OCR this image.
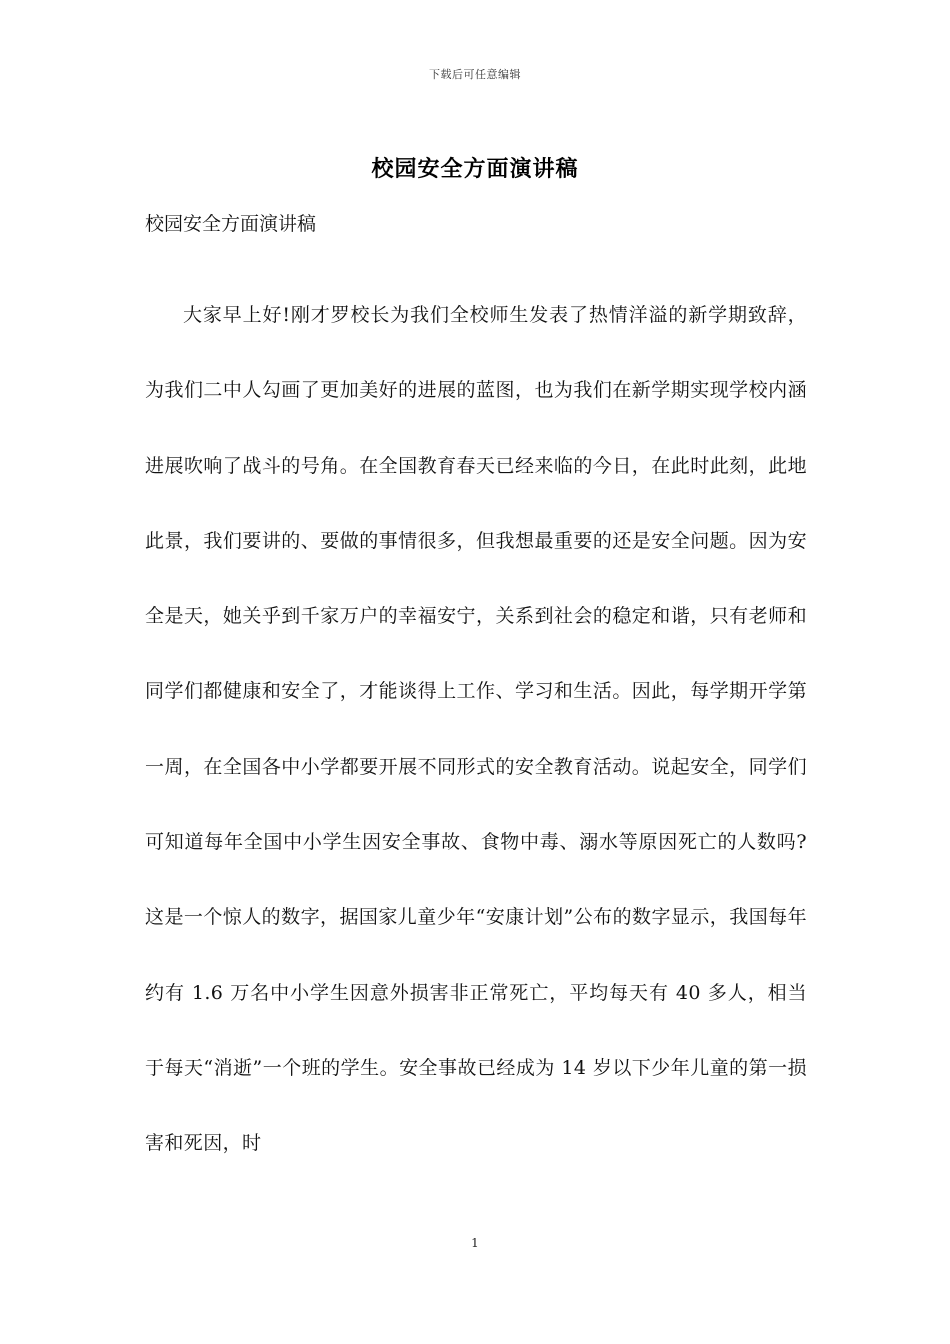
下载后可任意编辑
校园安全方面演讲稿
校园安全方面演讲稿

大家早上好!刚才罗校长为我们全校师生发表了热情洋溢的新学期致辞，为我们二中人勾画了更加美好的进展的蓝图，也为我们在新学期实现学校内涵进展吹响了战斗的号角。在全国教育春天已经来临的今日，在此时此刻，此地此景，我们要讲的、要做的事情很多，但我想最重要的还是安全问题。因为安全是天，她关乎到千家万户的幸福安宁，关系到社会的稳定和谐，只有老师和同学们都健康和安全了，才能谈得上工作、学习和生活。因此，每学期开学第一周，在全国各中小学都要开展不同形式的安全教育活动。说起安全，同学们可知道每年全国中小学生因安全事故、食物中毒、溺水等原因死亡的人数吗?这是一个惊人的数字，据国家儿童少年“安康计划”公布的数字显示，我国每年约有 1.6 万名中小学生因意外损害非正常死亡，平均每天有 40 多人，相当于每天“消逝”一个班的学生。安全事故已经成为 14 岁以下少年儿童的第一损害和死因，时

1
